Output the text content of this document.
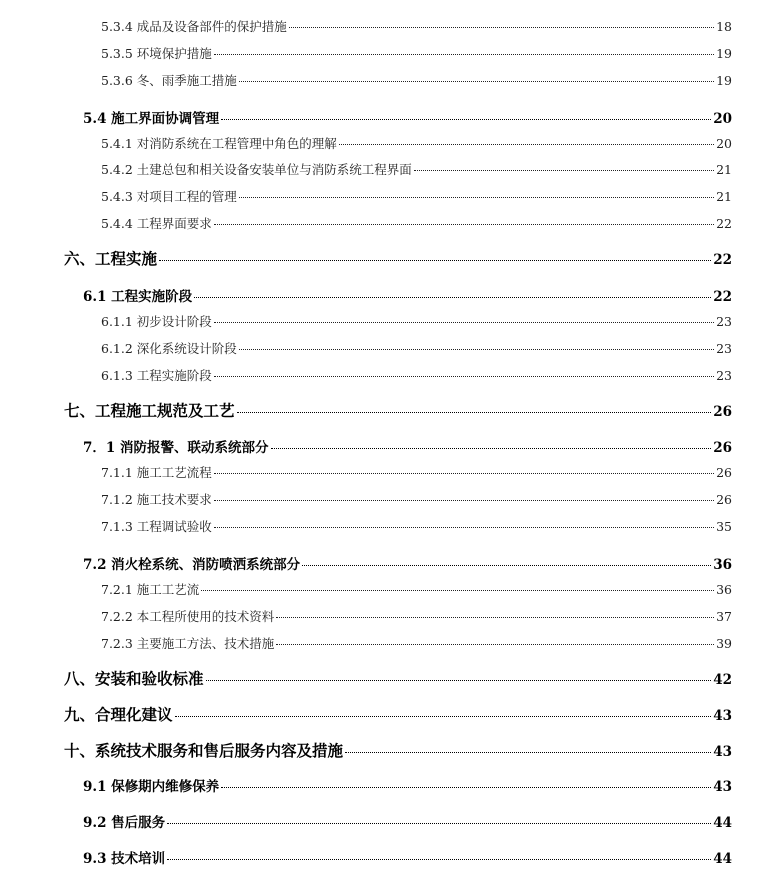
5.3.4 成品及设备部件的保护措施	18
5.3.5 环境保护措施	19
5.3.6 冬、雨季施工措施	19
5.4 施工界面协调管理	20
5.4.1 对消防系统在工程管理中角色的理解	20
5.4.2 土建总包和相关设备安装单位与消防系统工程界面	21
5.4.3 对项目工程的管理	21
5.4.4 工程界面要求	22
六、工程实施	22
6.1 工程实施阶段	22
6.1.1 初步设计阶段	23
6.1.2 深化系统设计阶段	23
6.1.3 工程实施阶段	23
七、工程施工规范及工艺	26
7．1 消防报警、联动系统部分	26
7.1.1 施工工艺流程	26
7.1.2 施工技术要求	26
7.1.3 工程调试验收	35
7.2 消火栓系统、消防喷洒系统部分	36
7.2.1 施工工艺流	36
7.2.2 本工程所使用的技术资料	37
7.2.3 主要施工方法、技术措施	39
八、安装和验收标准	42
九、合理化建议	43
十、系统技术服务和售后服务内容及措施	43
9.1 保修期内维修保养	43
9.2 售后服务	44
9.3 技术培训	44
